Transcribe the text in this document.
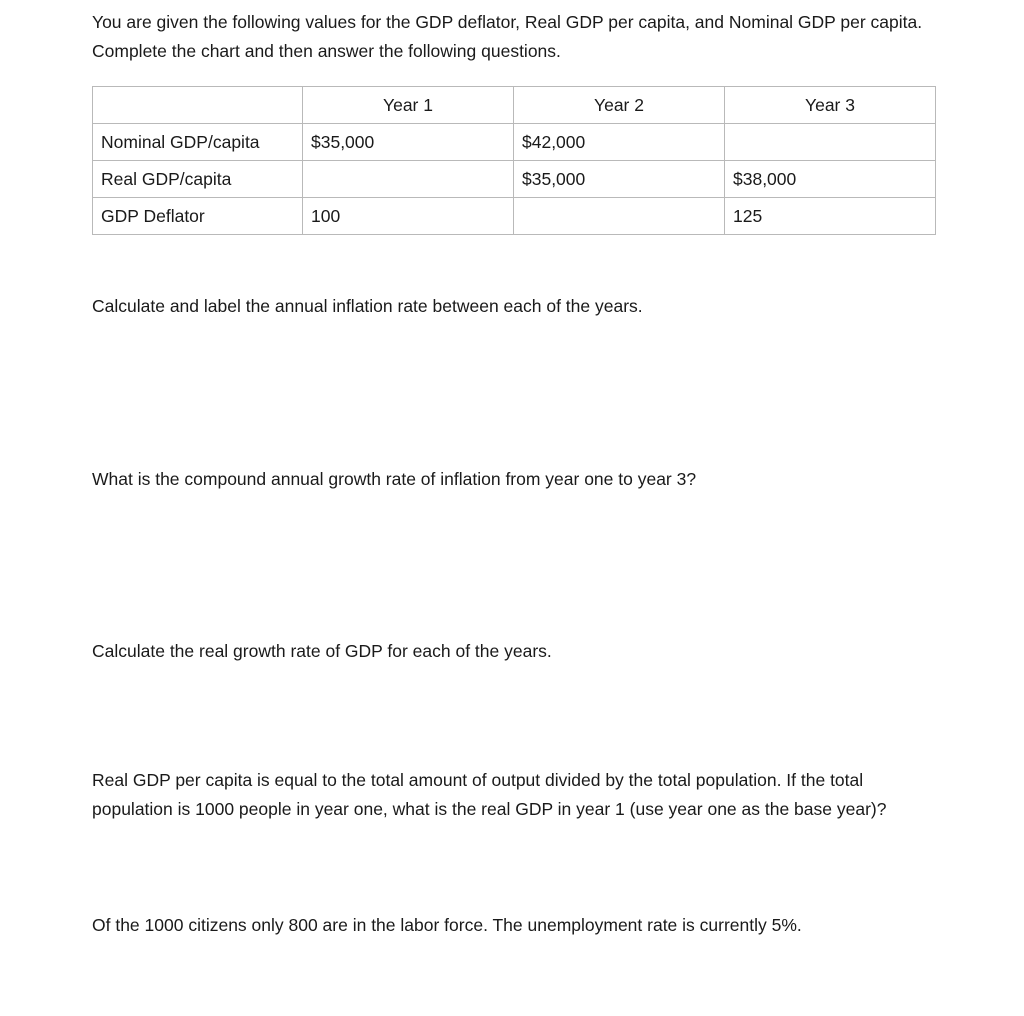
You are given the following values for the GDP deflator, Real GDP per capita, and Nominal GDP per capita. Complete the chart and then answer the following questions.

	Year 1	Year 2	Year 3
Nominal GDP/capita	$35,000	$42,000	
Real GDP/capita		$35,000	$38,000
GDP Deflator	100		125

Calculate and label the annual inflation rate between each of the years.

What is the compound annual growth rate of inflation from year one to year 3?

Calculate the real growth rate of GDP for each of the years.

Real GDP per capita is equal to the total amount of output divided by the total population. If the total population is 1000 people in year one, what is the real GDP in year 1 (use year one as the base year)?

Of the 1000 citizens only 800 are in the labor force. The unemployment rate is currently 5%.
